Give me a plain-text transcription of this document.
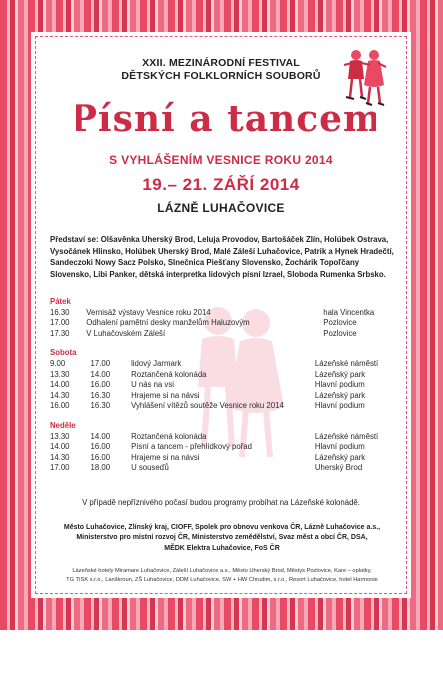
XXII. MEZINÁRODNÍ FESTIVAL
DĚTSKÝCH FOLKLORNÍCH SOUBORŮ
Písní a tancem
S VYHLÁŠENÍM VESNICE ROKU 2014
19.– 21. ZÁŘÍ 2014
LÁZNĚ LUHAČOVICE
Představí se: Olšavěnka Uherský Brod, Leluja Provodov, Bartošáček Zlín, Holúbek Ostrava, Vysočánek Hlinsko, Holúbek Uherský Brod, Malé Záleší Luhačovice, Patrik a Hynek Hradečtí, Sandeczoki Nowy Sacz Polsko, Slnečnica Piešťany Slovensko, Žochárik Topoľčany Slovensko, Libi Panker, dětská interpretka lidových písní Izrael, Sloboda Rumenka Srbsko.
Pátek
16.30	Vernisáž výstavy Vesnice roku 2014	hala Vincentka
17.00	Odhalení pamětní desky manželům Haluzovým	Pozlovice
17.30	V Luhačovském Záleší	Pozlovice
Sobota
9.00	17.00	lidový Jarmark	Lázeňské náměstí
13.30	14.00	Roztančená kolonáda	Lázeňský park
14.00	16.00	U nás na vsi	Hlavní podium
14.30	16.30	Hrajeme si na návsi	Lázeňský park
16.00	16.30	Vyhlášení vítězů soutěže Vesnice roku 2014	Hlavní podium
Neděle
13.30	14.00	Roztančená kolonáda	Lázeňské náměstí
14.00	16.00	Písní a tancem - přehlídkový pořad	Hlavní podium
14.30	16.00	Hrajeme si na návsi	Lázeňský park
17.00	18.00	U souseďů	Uherský Brod
V případě nepříznivého počasí budou programy probíhat na Lázeňské kolonádě.
Město Luhačovice, Zlínský kraj, CIOFF, Spolek pro obnovu venkova ČR, Lázně Luhačovice a.s.,
Ministerstvo pro místní rozvoj ČR, Ministerstvo zemědělství, Svaz měst a obcí ČR, DSA,
MĚDK Elektra Luhačovice, FoS ČR
Lázeňské hotely Miramare Luhačovice, Záleší Luhačovice a.s., Město Uherský Brod, Městys Pozlovice, Kare – oplatky,
TG TISK s.r.o., Lanškroun, ZŠ Luhačovice, DDM Luhačovice, SW + HW Chrudim, s.r.o., Resort Luhačovice, hotel Harmonie
